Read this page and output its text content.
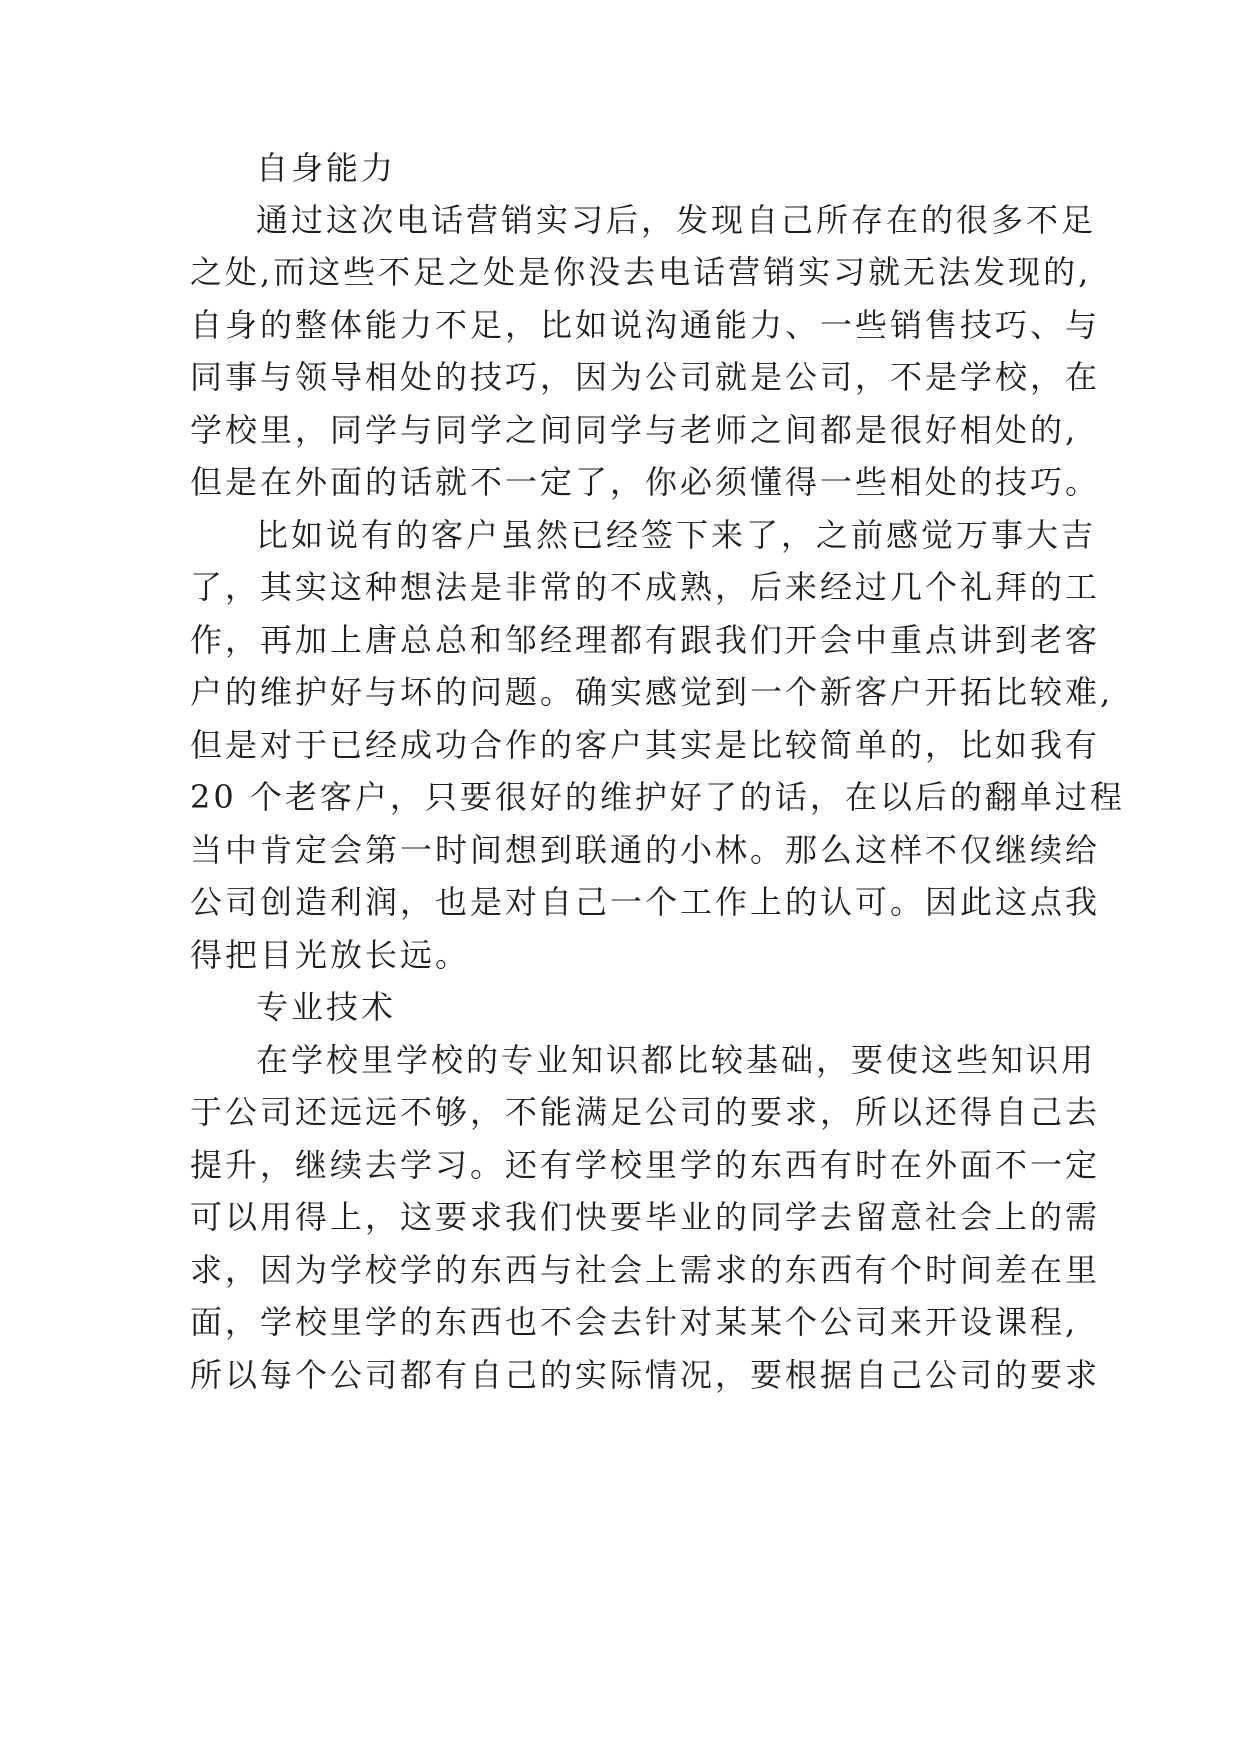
自身能力
通过这次电话营销实习后，发现自己所存在的很多不足
之处,而这些不足之处是你没去电话营销实习就无法发现的,
自身的整体能力不足，比如说沟通能力、一些销售技巧、与
同事与领导相处的技巧，因为公司就是公司，不是学校，在
学校里，同学与同学之间同学与老师之间都是很好相处的,
但是在外面的话就不一定了，你必须懂得一些相处的技巧。
比如说有的客户虽然已经签下来了，之前感觉万事大吉
了，其实这种想法是非常的不成熟，后来经过几个礼拜的工
作，再加上唐总总和邹经理都有跟我们开会中重点讲到老客
户的维护好与坏的问题。确实感觉到一个新客户开拓比较难,
但是对于已经成功合作的客户其实是比较简单的，比如我有
20 个老客户，只要很好的维护好了的话，在以后的翻单过程
当中肯定会第一时间想到联通的小林。那么这样不仅继续给
公司创造利润，也是对自己一个工作上的认可。因此这点我
得把目光放长远。
专业技术
在学校里学校的专业知识都比较基础，要使这些知识用
于公司还远远不够，不能满足公司的要求，所以还得自己去
提升，继续去学习。还有学校里学的东西有时在外面不一定
可以用得上，这要求我们快要毕业的同学去留意社会上的需
求，因为学校学的东西与社会上需求的东西有个时间差在里
面，学校里学的东西也不会去针对某某个公司来开设课程,
所以每个公司都有自己的实际情况，要根据自己公司的要求
